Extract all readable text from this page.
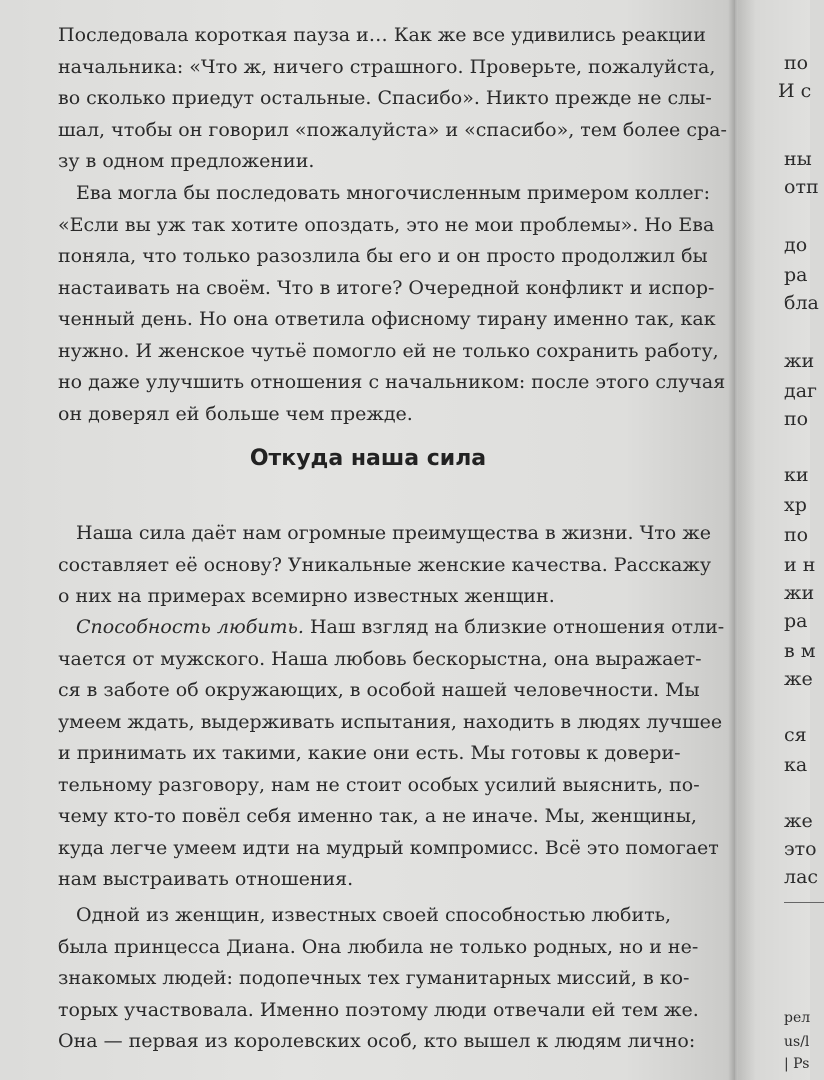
Последовала короткая пауза и… Как же все удивились реакции
начальника: «Что ж, ничего страшного. Проверьте, пожалуйста,
во сколько приедут остальные. Спасибо». Никто прежде не слы-
шал, чтобы он говорил «пожалуйста» и «спасибо», тем более сра-
зу в одном предложении.
Ева могла бы последовать многочисленным примером коллег:
«Если вы уж так хотите опоздать, это не мои проблемы». Но Ева
поняла, что только разозлила бы его и он просто продолжил бы
настаивать на своём. Что в итоге? Очередной конфликт и испор-
ченный день. Но она ответила офисному тирану именно так, как
нужно. И женское чутьё помогло ей не только сохранить работу,
но даже улучшить отношения с начальником: после этого случая
он доверял ей больше чем прежде.
Откуда наша сила
Наша сила даёт нам огромные преимущества в жизни. Что же
составляет её основу? Уникальные женские качества. Расскажу
о них на примерах всемирно известных женщин.
Способность любить. Наш взгляд на близкие отношения отли-
чается от мужского. Наша любовь бескорыстна, она выражает-
ся в заботе об окружающих, в особой нашей человечности. Мы
умеем ждать, выдерживать испытания, находить в людях лучшее
и принимать их такими, какие они есть. Мы готовы к довери-
тельному разговору, нам не стоит особых усилий выяснить, по-
чему кто-то повёл себя именно так, а не иначе. Мы, женщины,
куда легче умеем идти на мудрый компромисс. Всё это помогает
нам выстраивать отношения.
Одной из женщин, известных своей способностью любить,
была принцесса Диана. Она любила не только родных, но и не-
знакомых людей: подопечных тех гуманитарных миссий, в ко-
торых участвовала. Именно поэтому люди отвечали ей тем же.
Она — первая из королевских особ, кто вышел к людям лично:
по
И с
ны
отп
до
ра
бла
жи
даг
по
ки
хр
по
и н
жи
ра
в м
же
ся
ка
же
это
лас
рел
us/l
| Ps
